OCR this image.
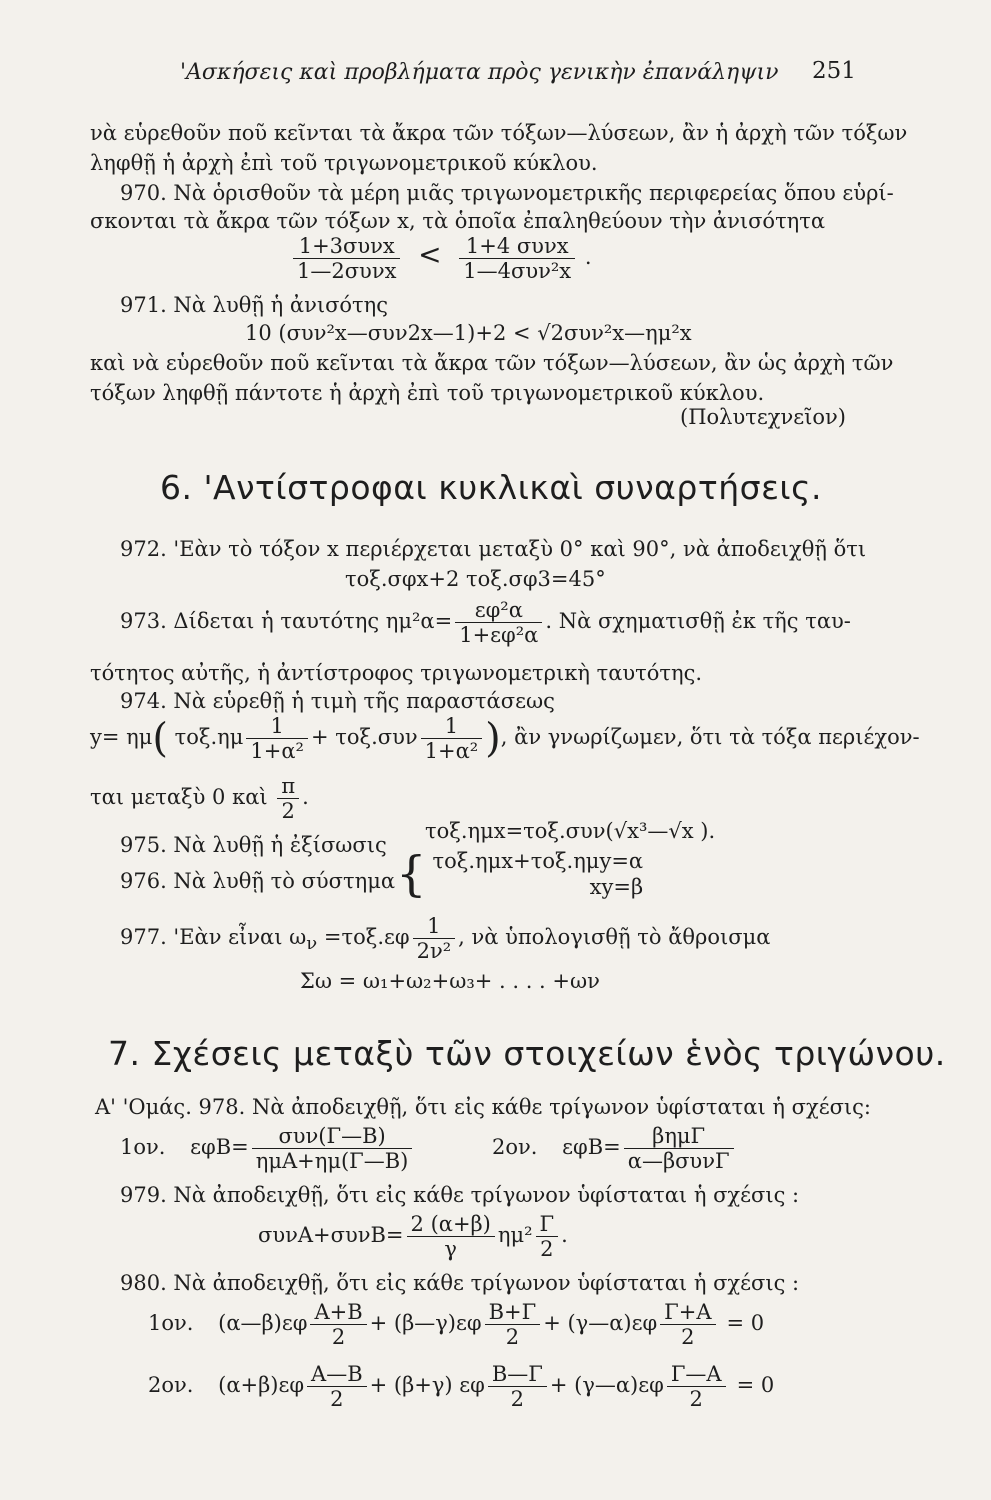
'Ασκήσεις καὶ προβλήματα πρὸς γενικὴν ἐπανάληψιν 251
νὰ εὑρεθοῦν ποῦ κεῖνται τὰ ἄκρα τῶν τόξων—λύσεων, ἂν ἡ ἀρχὴ τῶν τόξων
ληφθῇ ἡ ἀρχὴ ἐπὶ τοῦ τριγωνομετρικοῦ κύκλου.
970. Νὰ ὁρισθοῦν τὰ μέρη μιᾶς τριγωνομετρικῆς περιφερείας ὅπου εὑρί-
σκονται τὰ ἄκρα τῶν τόξων x, τὰ ὁποῖα ἐπαληθεύουν τὴν ἀνισότητα
$\frac{\text{1+3συνx}}{\text{1—2συνx}} < \frac{\text{1+4 συνx}}{\text{1—4συν²x}}$ .
971. Νὰ λυθῇ ἡ ἀνισότης
10 (συν²x—συν2x—1)+2 < √2συν²x—ημ²x
καὶ νὰ εὑρεθοῦν ποῦ κεῖνται τὰ ἄκρα τῶν τόξων—λύσεων, ἂν ὡς ἀρχὴ τῶν
τόξων ληφθῇ πάντοτε ἡ ἀρχὴ ἐπὶ τοῦ τριγωνομετρικοῦ κύκλου.
(Πολυτεχνεῖον)
6. 'Αντίστροφαι κυκλικαὶ συναρτήσεις.
972. 'Εὰν τὸ τόξον x περιέρχεται μεταξὺ 0° καὶ 90°, νὰ ἀποδειχθῇ ὅτι
τοξ.σφx+2 τοξ.σφ3=45°
973. Δίδεται ἡ ταυτότης $\eta\mu^2\alpha= \frac{\text{εφ²α}}{\text{1+εφ²α}}$ . Νὰ σχηματισθῇ ἐκ τῆς ταυ-
τότητος αὐτῆς, ἡ ἀντίστροφος τριγωνομετρικὴ ταυτότης.
974. Νὰ εὑρεθῇ ἡ τιμὴ τῆς παραστάσεως
y= ημ( $\tau o\xi.\eta\mu \frac{1}{\text{1+α²}} + \tau o\xi.\sigma\upsilon\nu \frac{1}{\text{1+α²}}$ ), ἂν γνωρίζωμεν, ὅτι τὰ τόξα περιέχον-
ται μεταξὺ 0 καὶ $\frac{\pi}{2}$ .
975. Νὰ λυθῇ ἡ ἐξίσωσις
τοξ.ημx=τοξ.συν(√x³—√x ).
976. Νὰ λυθῇ τὸ σύστημα { τοξ.ημx+τοξ.ημy=α
xy=β
977. 'Εὰν εἶναι $\omega_\nu =\tau o\xi.\varepsilon\varphi \frac{1}{\text{2ν²}}$ , νὰ ὑπολογισθῇ τὸ ἄθροισμα
Σω = ω₁+ω₂+ω₃+ . . . . +ων
7. Σχέσεις μεταξὺ τῶν στοιχείων ἑνὸς τριγώνου.
Α' 'Ομάς. 978. Νὰ ἀποδειχθῇ, ὅτι εἰς κάθε τρίγωνον ὑφίσταται ἡ σχέσις:
1ον. $\varepsilon\varphi B= \frac{\text{συν(Γ—Β)}}{\text{ημΑ+ημ(Γ—Β)}}$	2ον. $\varepsilon\varphi B= \frac{\text{βημΓ}}{\text{α—βσυνΓ}}$
979. Νὰ ἀποδειχθῇ, ὅτι εἰς κάθε τρίγωνον ὑφίσταται ἡ σχέσις :
$\sigma\upsilon\nu A+\sigma\upsilon\nu B= \frac{2 (\alpha+\beta)}{\gamma} \eta\mu^2 \frac{\Gamma}{2}$ .
980. Νὰ ἀποδειχθῇ, ὅτι εἰς κάθε τρίγωνον ὑφίσταται ἡ σχέσις :
1ον. (α—β)εφ $\frac{A+B}{2}$ + (β—γ)εφ $\frac{B+\Gamma}{2}$ + (γ—α)εφ $\frac{\Gamma+A}{2} = 0$
2ον. $(\alpha+\beta)\varepsilon\varphi \frac{A—B}{2} + (\beta+\gamma)$ εφ $\frac{B—\Gamma}{2}$ + (γ—α)εφ $\frac{\Gamma—A}{2} = 0$
